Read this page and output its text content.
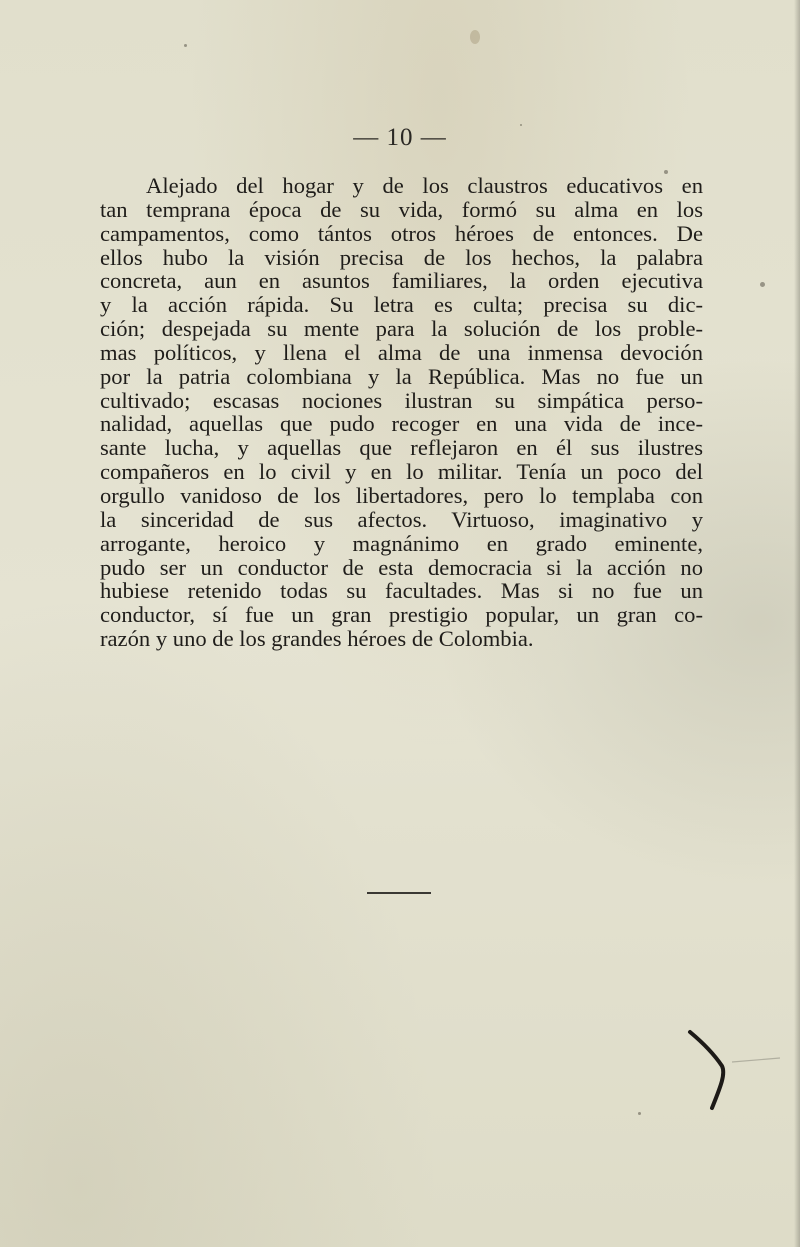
— 10 —
Alejado del hogar y de los claustros educativos en
tan temprana época de su vida, formó su alma en los
campamentos, como tántos otros héroes de entonces. De
ellos hubo la visión precisa de los hechos, la palabra
concreta, aun en asuntos familiares, la orden ejecutiva
y la acción rápida. Su letra es culta; precisa su dic-
ción; despejada su mente para la solución de los proble-
mas políticos, y llena el alma de una inmensa devoción
por la patria colombiana y la República. Mas no fue un
cultivado; escasas nociones ilustran su simpática perso-
nalidad, aquellas que pudo recoger en una vida de ince-
sante lucha, y aquellas que reflejaron en él sus ilustres
compañeros en lo civil y en lo militar. Tenía un poco del
orgullo vanidoso de los libertadores, pero lo templaba con
la sinceridad de sus afectos. Virtuoso, imaginativo y
arrogante, heroico y magnánimo en grado eminente,
pudo ser un conductor de esta democracia si la acción no
hubiese retenido todas su facultades. Mas si no fue un
conductor, sí fue un gran prestigio popular, un gran co-
razón y uno de los grandes héroes de Colombia.
